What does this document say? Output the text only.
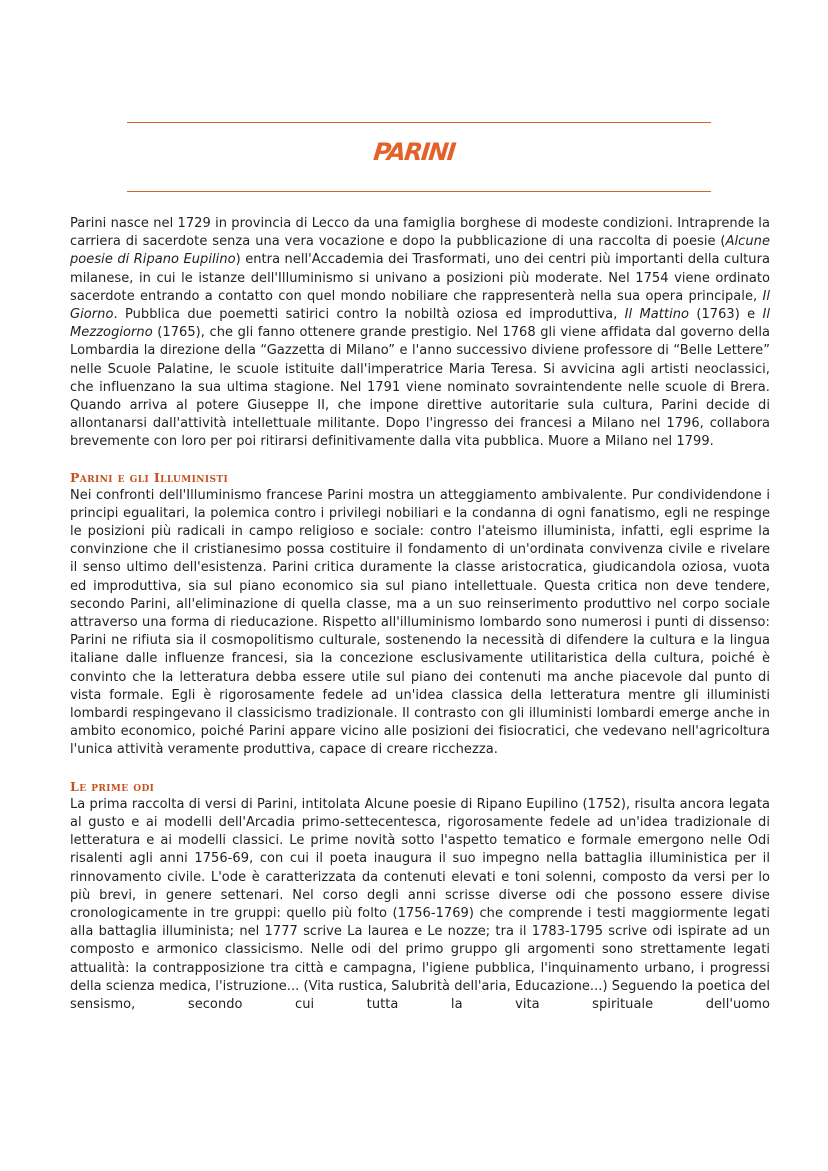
PARINI

Parini nasce nel 1729 in provincia di Lecco da una famiglia borghese di modeste condizioni. Intraprende la carriera di sacerdote senza una vera vocazione e dopo la pubblicazione di una raccolta di poesie (Alcune poesie di Ripano Eupilino) entra nell'Accademia dei Trasformati, uno dei centri più importanti della cultura milanese, in cui le istanze dell'Illuminismo si univano a posizioni più moderate. Nel 1754 viene ordinato sacerdote entrando a contatto con quel mondo nobiliare che rappresenterà nella sua opera principale, Il Giorno. Pubblica due poemetti satirici contro la nobiltà oziosa ed improduttiva, Il Mattino (1763) e Il Mezzogiorno (1765), che gli fanno ottenere grande prestigio. Nel 1768 gli viene affidata dal governo della Lombardia la direzione della “Gazzetta di Milano” e l'anno successivo diviene professore di “Belle Lettere” nelle Scuole Palatine, le scuole istituite dall'imperatrice Maria Teresa. Si avvicina agli artisti neoclassici, che influenzano la sua ultima stagione. Nel 1791 viene nominato sovraintendente nelle scuole di Brera. Quando arriva al potere Giuseppe II, che impone direttive autoritarie sula cultura, Parini decide di allontanarsi dall'attività intellettuale militante. Dopo l'ingresso dei francesi a Milano nel 1796, collabora brevemente con loro per poi ritirarsi definitivamente dalla vita pubblica. Muore a Milano nel 1799.

Parini e gli Illuministi

Nei confronti dell'Illuminismo francese Parini mostra un atteggiamento ambivalente. Pur condividendone i principi egualitari, la polemica contro i privilegi nobiliari e la condanna di ogni fanatismo, egli ne respinge le posizioni più radicali in campo religioso e sociale: contro l'ateismo illuminista, infatti, egli esprime la convinzione che il cristianesimo possa costituire il fondamento di un'ordinata convivenza civile e rivelare il senso ultimo dell'esistenza. Parini critica duramente la classe aristocratica, giudicandola oziosa, vuota ed improduttiva, sia sul piano economico sia sul piano intellettuale. Questa critica non deve tendere, secondo Parini, all'eliminazione di quella classe, ma a un suo reinserimento produttivo nel corpo sociale attraverso una forma di rieducazione. Rispetto all'illuminismo lombardo sono numerosi i punti di dissenso: Parini ne rifiuta sia il cosmopolitismo culturale, sostenendo la necessità di difendere la cultura e la lingua italiane dalle influenze francesi, sia la concezione esclusivamente utilitaristica della cultura, poiché è convinto che la letteratura debba essere utile sul piano dei contenuti ma anche piacevole dal punto di vista formale. Egli è rigorosamente fedele ad un'idea classica della letteratura mentre gli illuministi lombardi respingevano il classicismo tradizionale. Il contrasto con gli illuministi lombardi emerge anche in ambito economico, poiché Parini appare vicino alle posizioni dei fisiocratici, che vedevano nell'agricoltura l'unica attività veramente produttiva, capace di creare ricchezza.

Le prime odi

La prima raccolta di versi di Parini, intitolata Alcune poesie di Ripano Eupilino (1752), risulta ancora legata al gusto e ai modelli dell'Arcadia primo-settecentesca, rigorosamente fedele ad un'idea tradizionale di letteratura e ai modelli classici. Le prime novità sotto l'aspetto tematico e formale emergono nelle Odi risalenti agli anni 1756-69, con cui il poeta inaugura il suo impegno nella battaglia illuministica per il rinnovamento civile. L'ode è caratterizzata da contenuti elevati e toni solenni, composto da versi per lo più brevi, in genere settenari. Nel corso degli anni scrisse diverse odi che possono essere divise cronologicamente in tre gruppi: quello più folto (1756-1769) che comprende i testi maggiormente legati alla battaglia illuminista; nel 1777 scrive La laurea e Le nozze; tra il 1783-1795 scrive odi ispirate ad un composto e armonico classicismo. Nelle odi del primo gruppo gli argomenti sono strettamente legati attualità: la contrapposizione tra città e campagna, l'igiene pubblica, l'inquinamento urbano, i progressi della scienza medica, l'istruzione... (Vita rustica, Salubrità dell'aria, Educazione...) Seguendo la poetica del sensismo, secondo cui tutta la vita spirituale dell'uomo
